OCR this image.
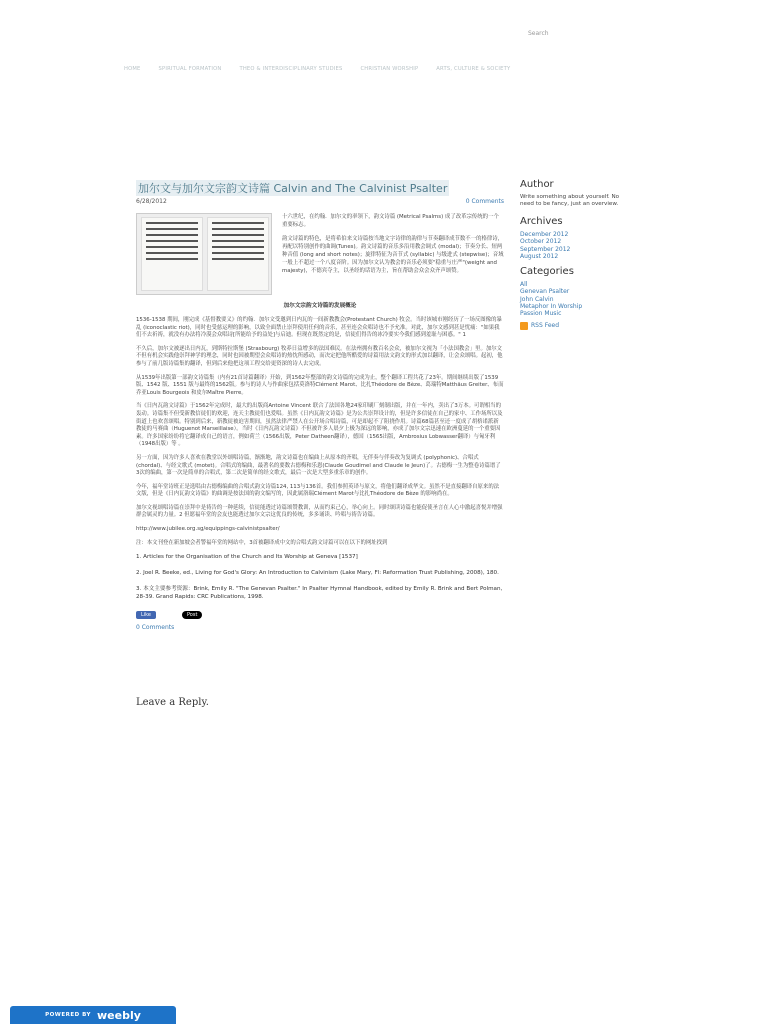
Search
HOME	SPIRITUAL FORMATION	THEO & INTERDISCIPLINARY STUDIES	CHRISTIAN WORSHIP	ARTS, CULTURE & SOCIETY
加尔文与加尔文宗韵文诗篇 Calvin and The Calvinist Psalter
6/28/2012	0 Comments

十六世纪，在约翰．加尔文的率领下，韵文诗篇 (Metrical Psalms) 成了改革宗传统的一个重要标志。

韵文诗篇的特色，是将希伯来文诗篇按当地文字诗律的韵律与节奏翻译成节数不一的格律诗，再配以特别创作的曲调(Tunes)。韵文诗篇的音乐多沿用教会调式 (modal)；节奏分长、短两种音值 (long and short notes)；旋律特征为音节式 (syllabic) 与级进式 (stepwise)；音域一般上不超过一个八度音阶。因为加尔文认为教会的音乐必须要"稳重与庄严"(weight and majesty)，不德宾夺主，以圣经的话语为主，旨在帮助会众会众齐声颂赞。

加尔文宗韵文诗篇的发展概论

1536-1538 期间，刚完成《基督教要义》的约翰．加尔文受邀到日内瓦的一间新教教会(Protestant Church) 牧会。当时该城市刚经历了一场反图像的暴乱 (iconoclastic riot)，同时也受慈运理的影响，以致全面禁止崇拜使用任何的音乐，甚至连会众唱诗也不予允准。对此，加尔文感到甚是忧痛："如果我们不去祈祷，就没有办法将冷漠会众唱诗[所能给予的益处]与启迪。但现在既然定的是，信徒们得告的冰冷要实今我们感到羞耻与困惑。" 1

不久后，加尔文被逐出日内瓦，到斯特拉斯堡 (Strasbourg) 牧养日益增多的法国难民。在法州拥有教百名会众，被加尔文视为「小法国教会」里。加尔文不但有机会实践他崇拜神学的理念，同时也因被期望会众唱诗的热忱所感动，而决定把他所酷爱的诗篇用法文韵文的形式加以翻译，让会众颂唱。起初，他参与了前几版诗篇集的翻译，但到后来他把这项工程交给更资深的诗人去完成。

从1539年出版第一部韵文诗篇集（内有21首诗篇翻译）开始，到1562年整部的韵文诗篇的完成为止，整个翻译工程共花了23年。期间继续出版了1539 版、1542 版、1551 版与最终的1562版。参与的诗人与作曲家包括莫洛特Clément Marot、比扎Théodore de Bèze、葛瑞特Matthäus Greiter、布而乔亚Louis Bourgeois 和皮尔Maître Pierre。

当《日内瓦韵文诗篇》于1562年完成时，最大的出版商Antoine Vincent 联合了法国各地24家印刷厂刻制出版，并在一年内，卖出了3万本。可谓相当的轰动。诗篇集不但受新教信徒们的欢迎，连天主教徒们也爱唱。虽然《日内瓦韵文诗篇》是为公共崇拜设计的，但是许多信徒在自己的家中、工作场所以及街道上也欢喜颂唱。特别到后来，新教徒被迫害期间，虽然法律严禁人在公开场合唱诗篇，可是却起不了阻挠作用。诗篇68篇甚至还一度成了胡格诺派新教徒的马赛曲（Huguenot Marseillaise）。当时《日内瓦韵文诗篇》不但被许多人晨夕上极为深远的影响，亦成了加尔文宗迅速在欧洲蔓延的一个重要因素。许多国家纷纷将它翻译成自己的语言，例如荷兰（1566出版，Peter Datheen翻译），德国（1565出版，Ambrosius Lobwasser翻译）与匈牙利（1948出版）等 。

另一方面，因为许多人喜欢在教堂以外颂唱诗篇，渐渐地，韵文诗篇也在编曲上从原本的齐唱，无伴奏与伴奏改为复调式 (polyphonic)、合唱式 (chordal)、与经文歌式 (motet)。合唱式的编曲，最著名的要数古德梅和乐恩(Claude Goudimel and Claude le Jeun)了。古德梅一生为整卷诗篇谱了3次的编曲，第一次是简单的合唱式，第二次是简单的经文歌式，最后一次是大型多重乐章的创作。

今年，福年堂诗班正是选唱由古德梅编曲的合唱式韵文诗篇124, 113与136首。我们参照英译与原文，将他们翻译成华文。虽然不是直接翻译自原来的法文版，但是《日内瓦韵文诗篇》的曲调是按法国的韵文编写的，因此属洛瑞Clément Marot与比扎Théodore de Bèze 的影响尚在。

加尔文视颂唱诗篇在崇拜中是祷告的一种延续，信徒能透过诗篇颂赞教训，从而约束己心，举心向上。同时颂读诗篇也能促使圣言在人心中激起喜悦并增强群会属灵的力量。2 但愿福年堂的会友也能透过加尔文宗这优良的传统，多多诵读、吟唱与祷告诗篇。

http://www.jubilee.org.sg/equippings-calvinistpsalter/

注：本文刊登在新加坡会者警福年堂的网站中，3首被翻译成中文的合唱式韵文诗篇可以在以下的网址找到

1. Articles for the Organisation of the Church and Its Worship at Geneva [1537]
2. Joel R. Beeke, ed., Living for God's Glory: An Introduction to Calvinism (Lake Mary, Fl: Reformation Trust Publishing, 2008), 180.
3. 本文主要参考资源：Brink, Emily R. "The Genevan Psalter." In Psalter Hymnal Handbook, edited by Emily R. Brink and Bert Polman, 28-39. Grand Rapids: CRC Publications, 1998.
Like	Post
0 Comments
Leave a Reply.
Author
Write something about yourself. No need to be fancy, just an overview.
Archives
December 2012
October 2012
September 2012
August 2012
Categories
All
Genevan Psalter
John Calvin
Metaphor In Worship
Passion Music
RSS Feed
POWERED BY weebly
